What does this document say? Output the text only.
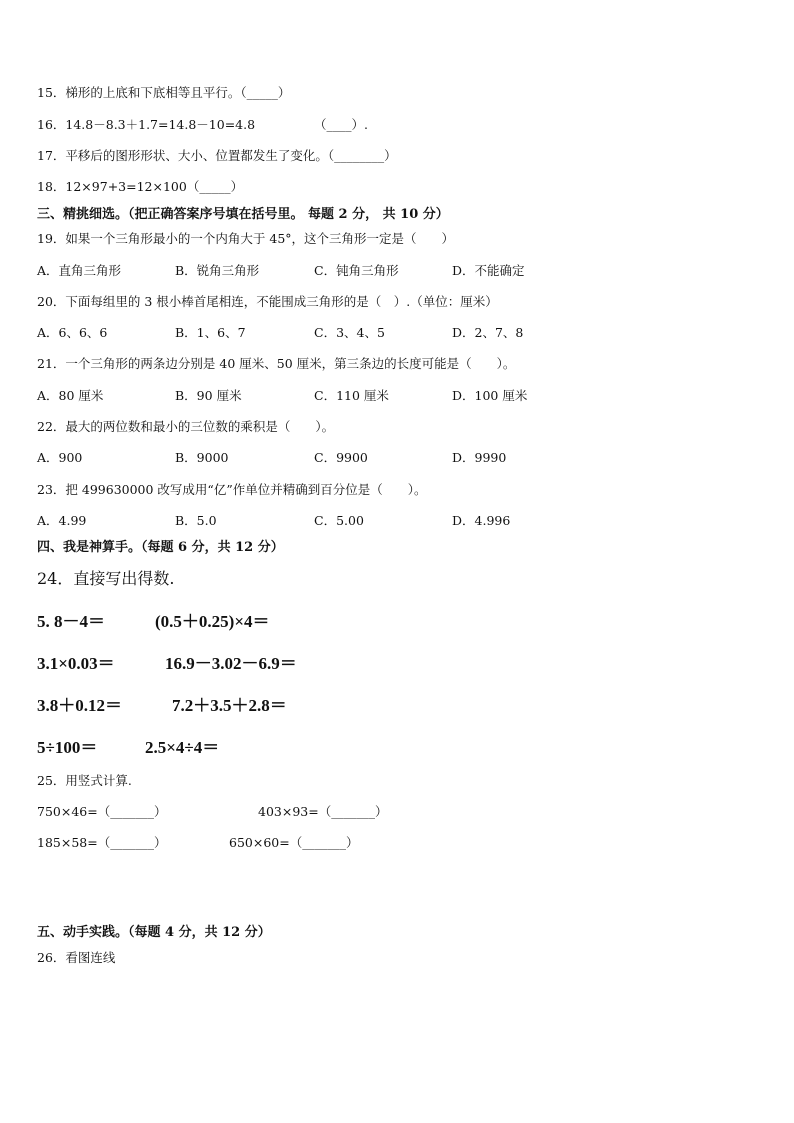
15．梯形的上底和下底相等且平行。（_____）
16．14.8－8.3＋1.7=14.8－10=4.8	（____）.
17．平移后的图形形状、大小、位置都发生了变化。（________）
18．12×97+3=12×100（_____）
三、精挑细选。（把正确答案序号填在括号里。 每题 2 分， 共 10 分）
19．如果一个三角形最小的一个内角大于 45°，这个三角形一定是（　　）
A．直角三角形	B．锐角三角形	C．钝角三角形	D．不能确定
20．下面每组里的 3 根小棒首尾相连，不能围成三角形的是（　）.（单位：厘米）
A．6、6、6	B．1、6、7	C．3、4、5	D．2、7、8
21．一个三角形的两条边分别是 40 厘米、50 厘米，第三条边的长度可能是（　　）。
A．80 厘米	B．90 厘米	C．110 厘米	D．100 厘米
22．最大的两位数和最小的三位数的乘积是（　　）。
A．900	B．9000	C．9900	D．9990
23．把 499630000 改写成用“亿”作单位并精确到百分位是（　　）。
A．4.99	B．5.0	C．5.00	D．4.996
四、我是神算手。（每题 6 分，共 12 分）
24．直接写出得数.
5. 8－4＝	(0.5＋0.25)×4＝
3.1×0.03＝	16.9－3.02－6.9＝
3.8＋0.12＝	7.2＋3.5＋2.8＝
5÷100＝	2.5×4÷4＝
25．用竖式计算.
750×46=（_______）	403×93=（_______）
185×58=（_______）	650×60=（_______）
五、动手实践。（每题 4 分，共 12 分）
26．看图连线
